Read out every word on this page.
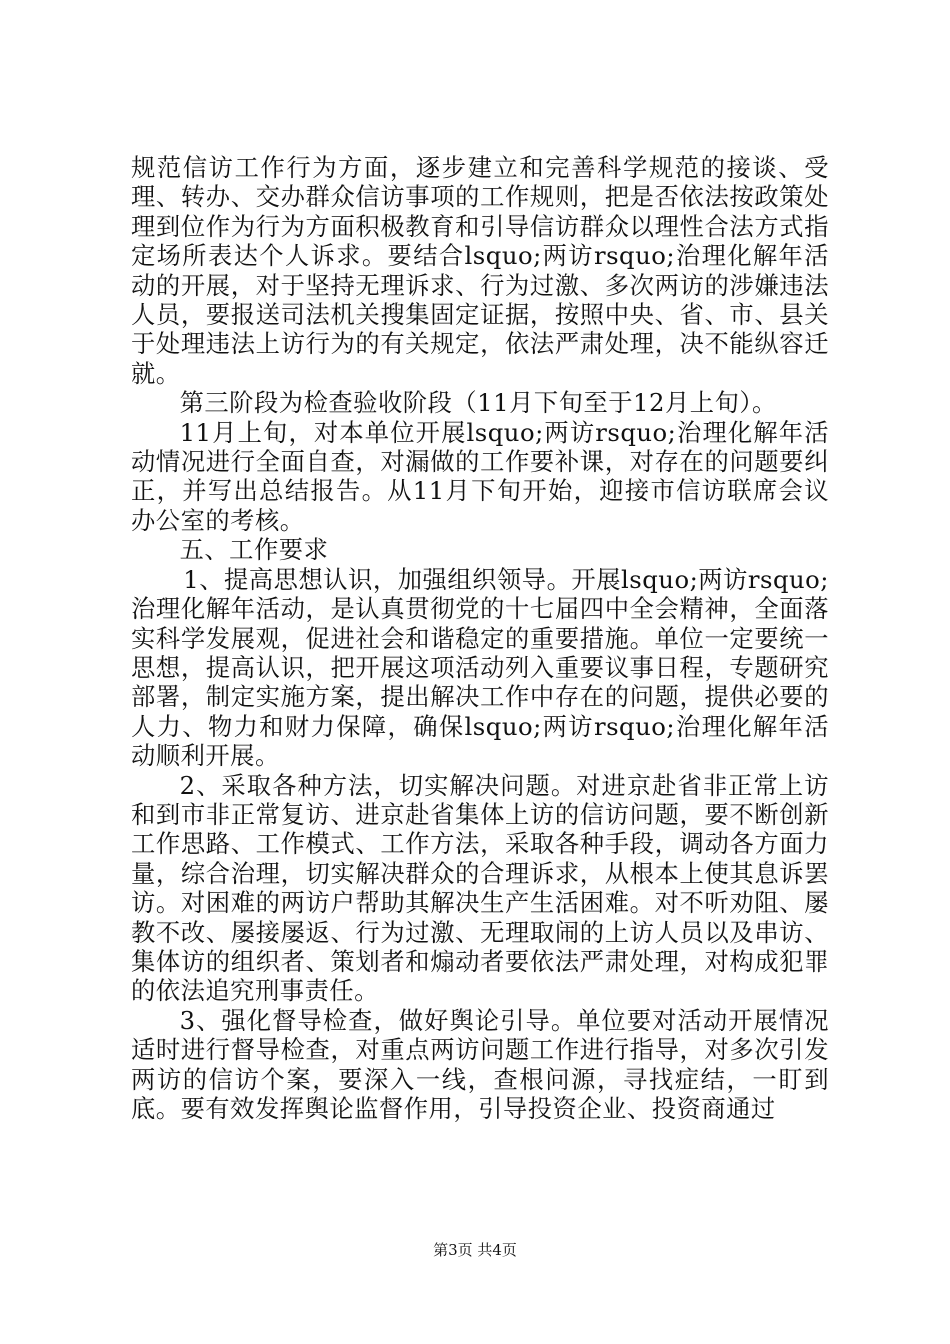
规范信访工作行为方面，逐步建立和完善科学规范的接谈、受理、转办、交办群众信访事项的工作规则，把是否依法按政策处理到位作为行为方面积极教育和引导信访群众以理性合法方式指定场所表达个人诉求。要结合lsquo;两访rsquo;治理化解年活动的开展，对于坚持无理诉求、行为过激、多次两访的涉嫌违法人员，要报送司法机关搜集固定证据，按照中央、省、市、县关于处理违法上访行为的有关规定，依法严肃处理，决不能纵容迁就。

第三阶段为检查验收阶段（11月下旬至于12月上旬）。

11月上旬，对本单位开展lsquo;两访rsquo;治理化解年活动情况进行全面自查，对漏做的工作要补课，对存在的问题要纠正，并写出总结报告。从11月下旬开始，迎接市信访联席会议办公室的考核。

五、工作要求

1、提高思想认识，加强组织领导。开展lsquo;两访rsquo;治理化解年活动，是认真贯彻党的十七届四中全会精神，全面落实科学发展观，促进社会和谐稳定的重要措施。单位一定要统一思想，提高认识，把开展这项活动列入重要议事日程，专题研究部署，制定实施方案，提出解决工作中存在的问题，提供必要的人力、物力和财力保障，确保lsquo;两访rsquo;治理化解年活动顺利开展。

2、采取各种方法，切实解决问题。对进京赴省非正常上访和到市非正常复访、进京赴省集体上访的信访问题，要不断创新工作思路、工作模式、工作方法，采取各种手段，调动各方面力量，综合治理，切实解决群众的合理诉求，从根本上使其息诉罢访。对困难的两访户帮助其解决生产生活困难。对不听劝阻、屡教不改、屡接屡返、行为过激、无理取闹的上访人员以及串访、集体访的组织者、策划者和煽动者要依法严肃处理，对构成犯罪的依法追究刑事责任。

3、强化督导检查，做好舆论引导。单位要对活动开展情况适时进行督导检查，对重点两访问题工作进行指导，对多次引发两访的信访个案，要深入一线，查根问源，寻找症结，一盯到底。要有效发挥舆论监督作用，引导投资企业、投资商通过

第3页 共4页
